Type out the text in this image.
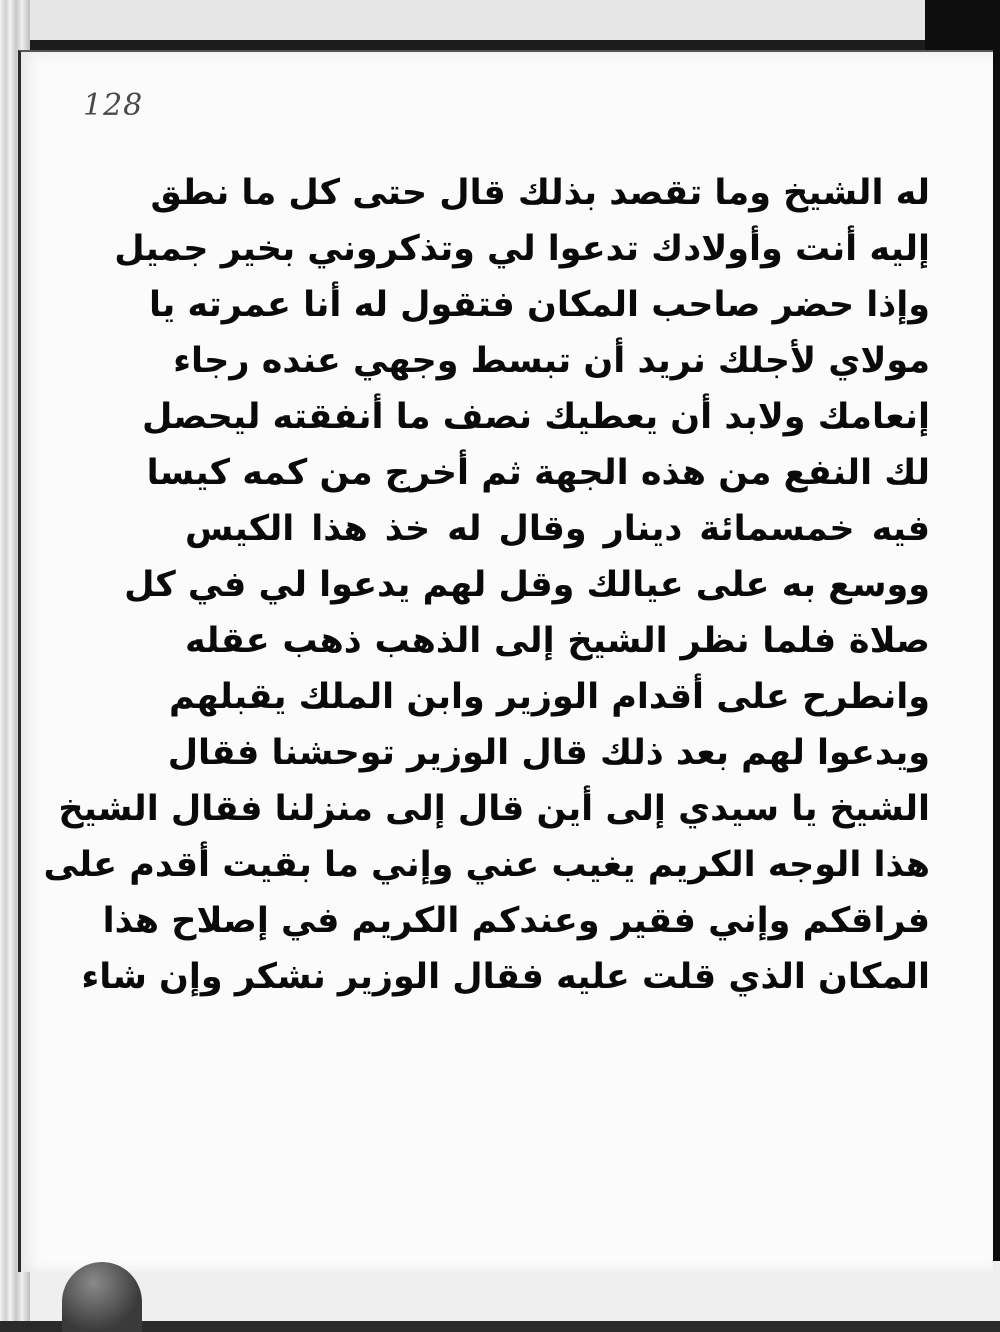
128
له الشيخ وما تقصد بذلك قال حتى كل ما نطق
إليه أنت وأولادك تدعوا لي وتذكروني بخير جميل
وإذا حضر صاحب المكان فتقول له أنا عمرته يا
مولاي لأجلك نريد أن تبسط وجهي عنده رجاء
إنعامك ولابد أن يعطيك نصف ما أنفقته ليحصل
لك النفع من هذه الجهة ثم أخرج من كمه كيسا
فيه خمسمائة دينار وقال له خذ هذا الكيس
ووسع به على عيالك وقل لهم يدعوا لي في كل
صلاة فلما نظر الشيخ إلى الذهب ذهب عقله
وانطرح على أقدام الوزير وابن الملك يقبلهم
ويدعوا لهم بعد ذلك قال الوزير توحشنا فقال
الشيخ يا سيدي إلى أين قال إلى منزلنا فقال الشيخ
هذا الوجه الكريم يغيب عني وإني ما بقيت أقدم على
فراقكم وإني فقير وعندكم الكريم في إصلاح هذا
المكان الذي قلت عليه فقال الوزير نشكر وإن شاء
